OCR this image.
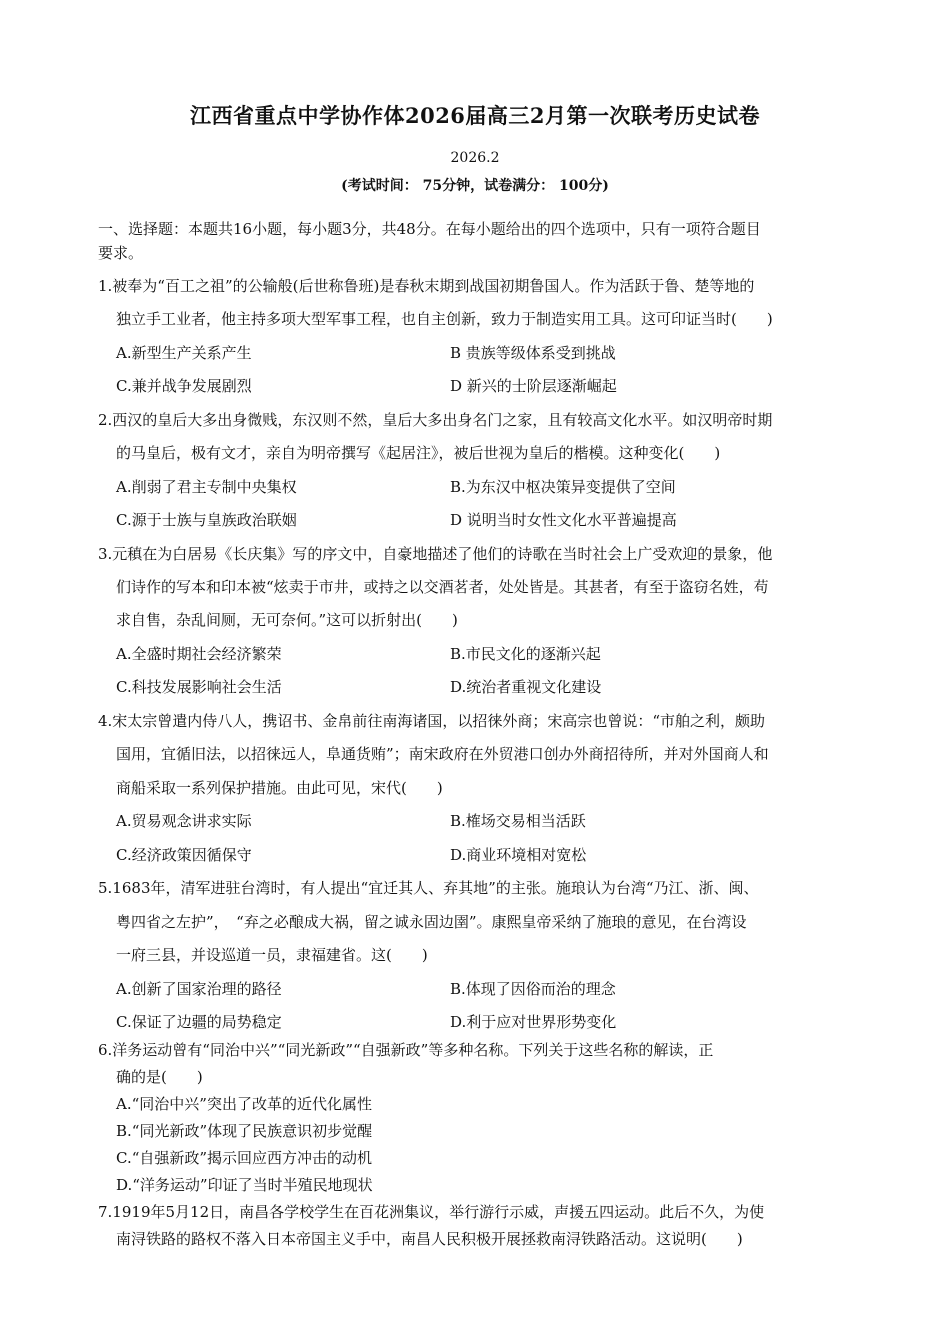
江西省重点中学协作体2026届高三2月第一次联考历史试卷
2026.2
(考试时间： 75分钟，试卷满分： 100分)
一、选择题：本题共16小题，每小题3分，共48分。在每小题给出的四个选项中，只有一项符合题目
要求。
1.被奉为“百工之祖”的公输般(后世称鲁班)是春秋末期到战国初期鲁国人。作为活跃于鲁、楚等地的
独立手工业者，他主持多项大型军事工程，也自主创新，致力于制造实用工具。这可印证当时(　　)
A.新型生产关系产生	B 贵族等级体系受到挑战
C.兼并战争发展剧烈	D 新兴的士阶层逐渐崛起
2.西汉的皇后大多出身微贱，东汉则不然，皇后大多出身名门之家，且有较高文化水平。如汉明帝时期
的马皇后，极有文才，亲自为明帝撰写《起居注》，被后世视为皇后的楷模。这种变化(　　)
A.削弱了君主专制中央集权	B.为东汉中枢决策异变提供了空间
C.源于士族与皇族政治联姻	D 说明当时女性文化水平普遍提高
3.元稹在为白居易《长庆集》写的序文中，自豪地描述了他们的诗歌在当时社会上广受欢迎的景象，他
们诗作的写本和印本被“炫卖于市井，或持之以交酒茗者，处处皆是。其甚者，有至于盗窃名姓，苟
求自售，杂乱间厕，无可奈何。”这可以折射出(　　)
A.全盛时期社会经济繁荣	B.市民文化的逐渐兴起
C.科技发展影响社会生活	D.统治者重视文化建设
4.宋太宗曾遣内侍八人，携诏书、金帛前往南海诸国，以招徕外商；宋高宗也曾说：“市舶之利，颇助
国用，宜循旧法，以招徕远人，阜通货贿”；南宋政府在外贸港口创办外商招待所，并对外国商人和
商船采取一系列保护措施。由此可见，宋代(　　)
A.贸易观念讲求实际	B.榷场交易相当活跃
C.经济政策因循保守	D.商业环境相对宽松
5.1683年，清军进驻台湾时，有人提出“宜迁其人、弃其地”的主张。施琅认为台湾“乃江、浙、闽、
粤四省之左护”，　“弃之必酿成大祸，留之诚永固边圉”。康熙皇帝采纳了施琅的意见，在台湾设
一府三县，并设巡道一员，隶福建省。这(　　)
A.创新了国家治理的路径	B.体现了因俗而治的理念
C.保证了边疆的局势稳定	D.利于应对世界形势变化
6.洋务运动曾有“同治中兴”“同光新政”“自强新政”等多种名称。下列关于这些名称的解读，正
确的是(　　)
A.“同治中兴”突出了改革的近代化属性
B.“同光新政”体现了民族意识初步觉醒
C.“自强新政”揭示回应西方冲击的动机
D.“洋务运动”印证了当时半殖民地现状
7.1919年5月12日，南昌各学校学生在百花洲集议，举行游行示威，声援五四运动。此后不久，为使
南浔铁路的路权不落入日本帝国主义手中，南昌人民积极开展拯救南浔铁路活动。这说明(　　)
